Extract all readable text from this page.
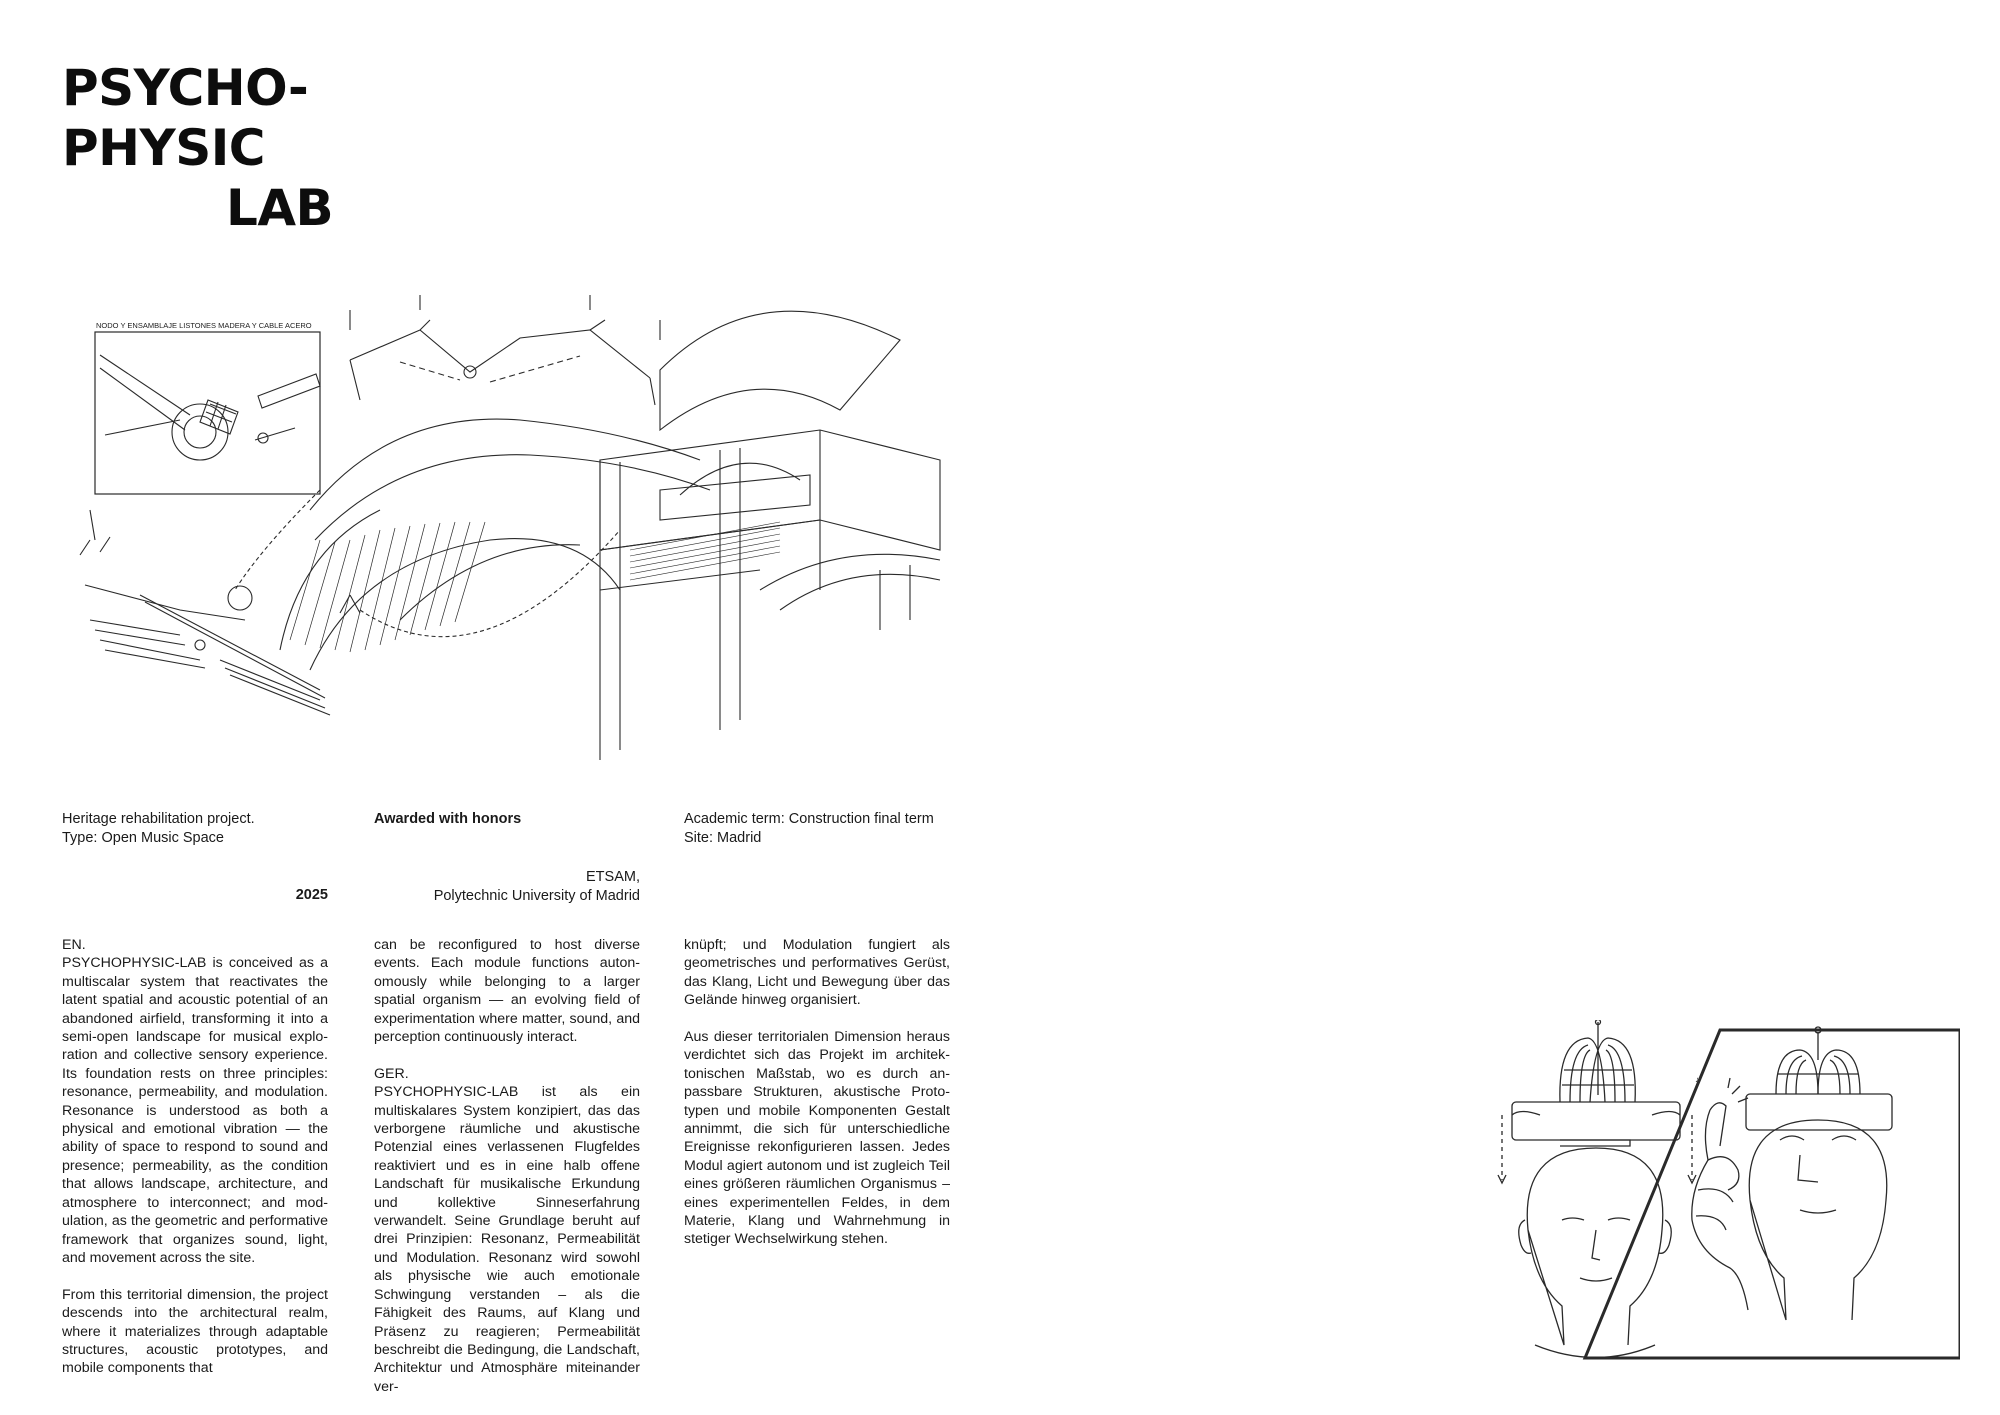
PSYCHO-
PHYSIC
LAB
NODO Y ENSAMBLAJE LISTONES MADERA Y CABLE ACERO
Heritage rehabilitation project.
Type: Open Music Space
2025
Awarded with honors
ETSAM,
Polytechnic University of Madrid
Academic term: Construction final term
Site: Madrid

EN.
PSYCHOPHYSIC-LAB is conceived as a multiscalar system that reactivates the latent spatial and acoustic potential of an abandoned airfield, transforming it into a semi-open landscape for musical exploration and collective sensory experience. Its foundation rests on three principles: resonance, permeability, and modulation. Resonance is understood as both a physical and emotional vibration — the ability of space to respond to sound and presence; permeability, as the condition that allows landscape, architecture, and atmosphere to interconnect; and modulation, as the geometric and performative framework that organizes sound, light, and movement across the site.

From this territorial dimension, the project descends into the architectural realm, where it materializes through adaptable structures, acoustic prototypes, and mobile components that

can be reconfigured to host diverse events. Each module functions autonomously while belonging to a larger spatial organism — an evolving field of experimentation where matter, sound, and perception continuously interact.

GER.
PSYCHOPHYSIC-LAB ist als ein multiskalares System konzipiert, das das verborgene räumliche und akustische Potenzial eines verlassenen Flugfeldes reaktiviert und es in eine halb offene Landschaft für musikalische Erkundung und kollektive Sinneserfahrung verwandelt. Seine Grundlage beruht auf drei Prinzipien: Resonanz, Permeabilität und Modulation. Resonanz wird sowohl als physische wie auch emotionale Schwingung verstanden – als die Fähigkeit des Raums, auf Klang und Präsenz zu reagieren; Permeabilität beschreibt die Bedingung, die Landschaft, Architektur und Atmosphäre miteinander ver-

knüpft; und Modulation fungiert als geometrisches und performatives Gerüst, das Klang, Licht und Bewegung über das Gelände hinweg organisiert.

Aus dieser territorialen Dimension heraus verdichtet sich das Projekt im architektonischen Maßstab, wo es durch anpassbare Strukturen, akustische Prototypen und mobile Komponenten Gestalt annimmt, die sich für unterschiedliche Ereignisse rekonfigurieren lassen. Jedes Modul agiert autonom und ist zugleich Teil eines größeren räumlichen Organismus – eines experimentellen Feldes, in dem Materie, Klang und Wahrnehmung in stetiger Wechselwirkung stehen.

♪
